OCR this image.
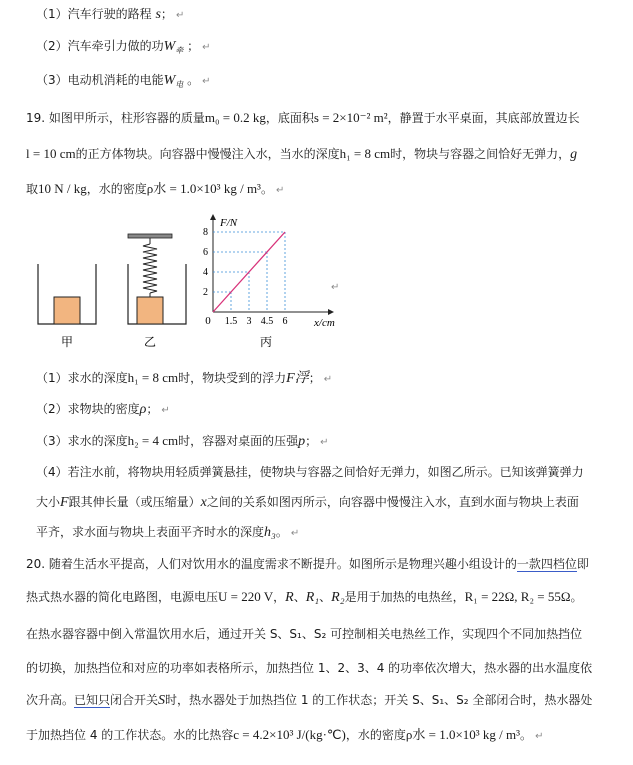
（1）汽车行驶的路程 s； ↵
（2）汽车牵引力做的功$W_牵$ ； ↵
（3）电动机消耗的电能$W_电$ 。 ↵
19. 如图甲所示，柱形容器的质量m₀ = 0.2 kg，底面积s = 2×10⁻² m²，静置于水平桌面，其底部放置边长
l = 10 cm的正方体物块。向容器中慢慢注入水，当水的深度h₁ = 8 cm时，物块与容器之间恰好无弹力，g
取10 N / kg，水的密度ρ水 = 1.0×10³ kg / m³。 ↵
甲	乙
F/N
x/cm
0 1.5 3 4.5 6
2
4
6
8
丙
↵
（1）求水的深度h₁ = 8 cm时，物块受到的浮力F浮； ↵
（2）求物块的密度ρ； ↵
（3）求水的深度h₂ = 4 cm时，容器对桌面的压强p； ↵
（4）若注水前，将物块用轻质弹簧悬挂，使物块与容器之间恰好无弹力，如图乙所示。已知该弹簧弹力
大小F跟其伸长量（或压缩量）x之间的关系如图丙所示，向容器中慢慢注入水，直到水面与物块上表面
平齐，求水面与物块上表面平齐时水的深度h₃。 ↵
20. 随着生活水平提高，人们对饮用水的温度需求不断提升。如图所示是物理兴趣小组设计的一款四档位即
热式热水器的简化电路图，电源电压U = 220 V，R、R₁、R₂是用于加热的电热丝，R₁ = 22Ω, R₂ = 55Ω。
在热水器容器中倒入常温饮用水后，通过开关 S、S₁、S₂ 可控制相关电热丝工作，实现四个不同加热挡位
的切换，加热挡位和对应的功率如表格所示，加热挡位 1、2、3、4 的功率依次增大，热水器的出水温度依
次升高。已知只闭合开关S时，热水器处于加热挡位 1 的工作状态；开关 S、S₁、S₂ 全部闭合时，热水器处
于加热挡位 4 的工作状态。水的比热容c = 4.2×10³ J/(kg·℃)，水的密度ρ水 = 1.0×10³ kg / m³。 ↵
